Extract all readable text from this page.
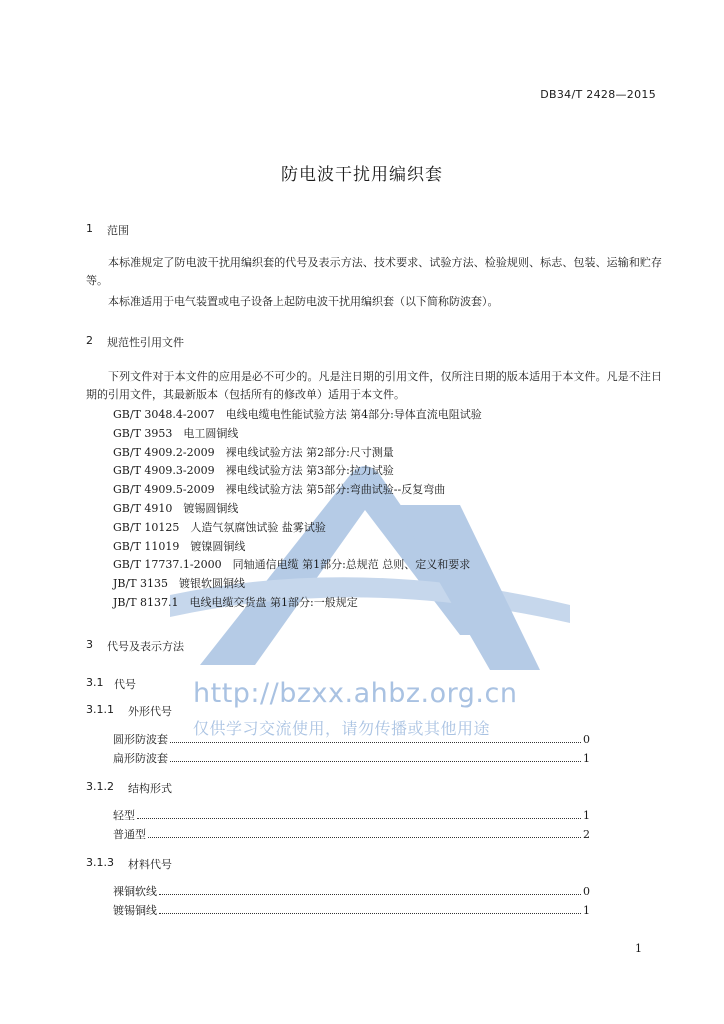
http://bzxx.ahbz.org.cn
仅供学习交流使用，请勿传播或其他用途
DB34/T 2428—2015
防电波干扰用编织套
1	范围
本标准规定了防电波干扰用编织套的代号及表示方法、技术要求、试验方法、检验规则、标志、包装、运输和贮存等。
本标准适用于电气装置或电子设备上起防电波干扰用编织套（以下简称防波套）。
2	规范性引用文件
下列文件对于本文件的应用是必不可少的。凡是注日期的引用文件，仅所注日期的版本适用于本文件。凡是不注日期的引用文件，其最新版本（包括所有的修改单）适用于本文件。
GB/T 3048.4-2007　电线电缆电性能试验方法 第4部分:导体直流电阻试验
GB/T 3953　电工圆铜线
GB/T 4909.2-2009　裸电线试验方法 第2部分:尺寸测量
GB/T 4909.3-2009　裸电线试验方法 第3部分:拉力试验
GB/T 4909.5-2009　裸电线试验方法 第5部分:弯曲试验--反复弯曲
GB/T 4910　镀锡圆铜线
GB/T 10125　人造气氛腐蚀试验 盐雾试验
GB/T 11019　镀镍圆铜线
GB/T 17737.1-2000　同轴通信电缆 第1部分:总规范 总则、定义和要求
JB/T 3135　镀银软圆铜线
JB/T 8137.1　电线电缆交货盘 第1部分:一般规定
3	代号及表示方法
3.1 代号
3.1.1	外形代号
圆形防波套	0
扁形防波套	1
3.1.2	结构形式
轻型	1
普通型	2
3.1.3	材料代号
裸铜软线	0
镀锡铜线	1
1
